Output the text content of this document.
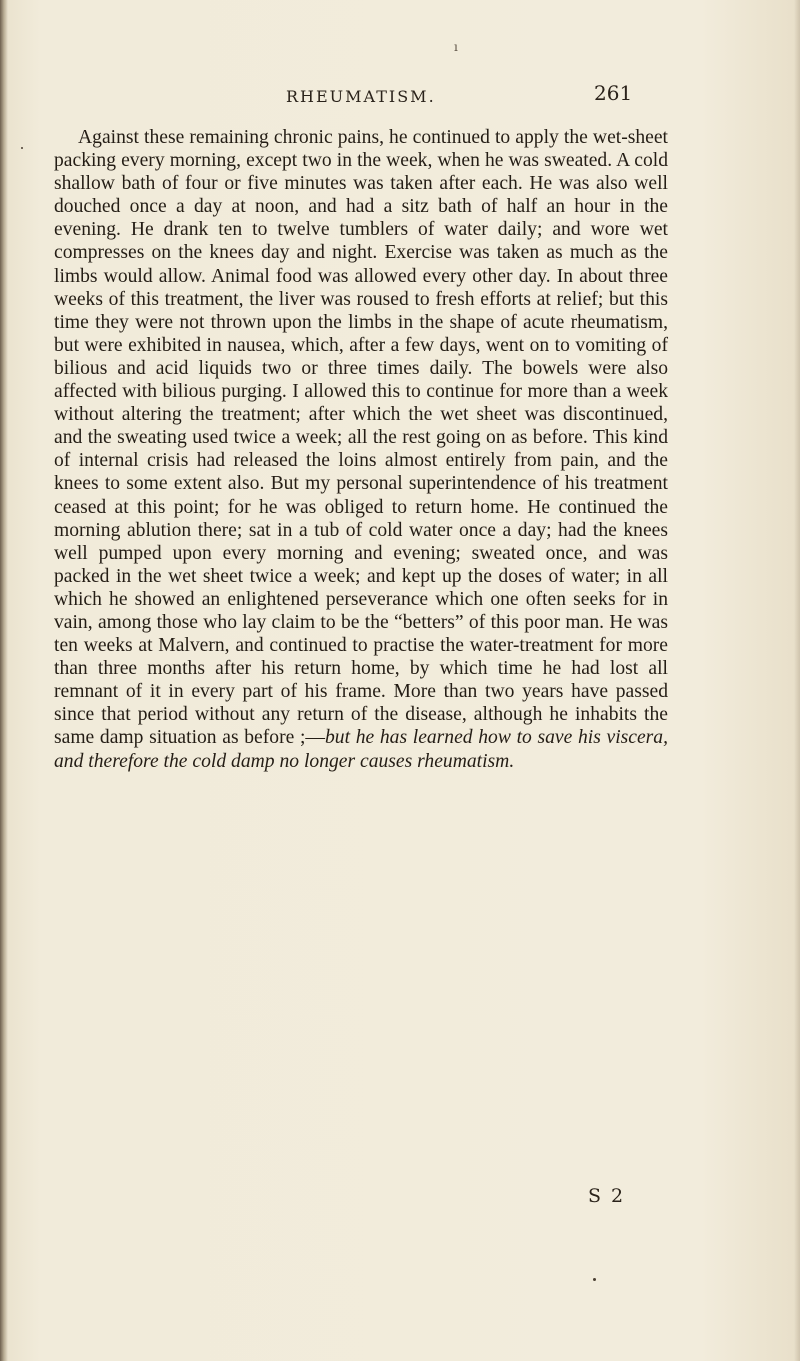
ı
RHEUMATISM.	261

Against these remaining chronic pains, he continued to apply the wet-sheet packing every morning, except two in the week, when he was sweated. A cold shallow bath of four or five minutes was taken after each. He was also well douched once a day at noon, and had a sitz bath of half an hour in the evening. He drank ten to twelve tumblers of water daily; and wore wet compresses on the knees day and night. Exercise was taken as much as the limbs would allow. Animal food was allowed every other day. In about three weeks of this treatment, the liver was roused to fresh efforts at relief; but this time they were not thrown upon the limbs in the shape of acute rheumatism, but were exhibited in nausea, which, after a few days, went on to vomiting of bilious and acid liquids two or three times daily. The bowels were also affected with bilious purging. I allowed this to continue for more than a week without altering the treatment; after which the wet sheet was discontinued, and the sweating used twice a week; all the rest going on as before. This kind of internal crisis had released the loins almost entirely from pain, and the knees to some extent also. But my personal superintendence of his treatment ceased at this point; for he was obliged to return home. He continued the morning ablution there; sat in a tub of cold water once a day; had the knees well pumped upon every morning and evening; sweated once, and was packed in the wet sheet twice a week; and kept up the doses of water; in all which he showed an enlightened perseverance which one often seeks for in vain, among those who lay claim to be the “betters” of this poor man. He was ten weeks at Malvern, and continued to practise the water-treatment for more than three months after his return home, by which time he had lost all remnant of it in every part of his frame. More than two years have passed since that period without any return of the disease, although he inhabits the same damp situation as before ;—but he has learned how to save his viscera, and therefore the cold damp no longer causes rheumatism.

S 2
